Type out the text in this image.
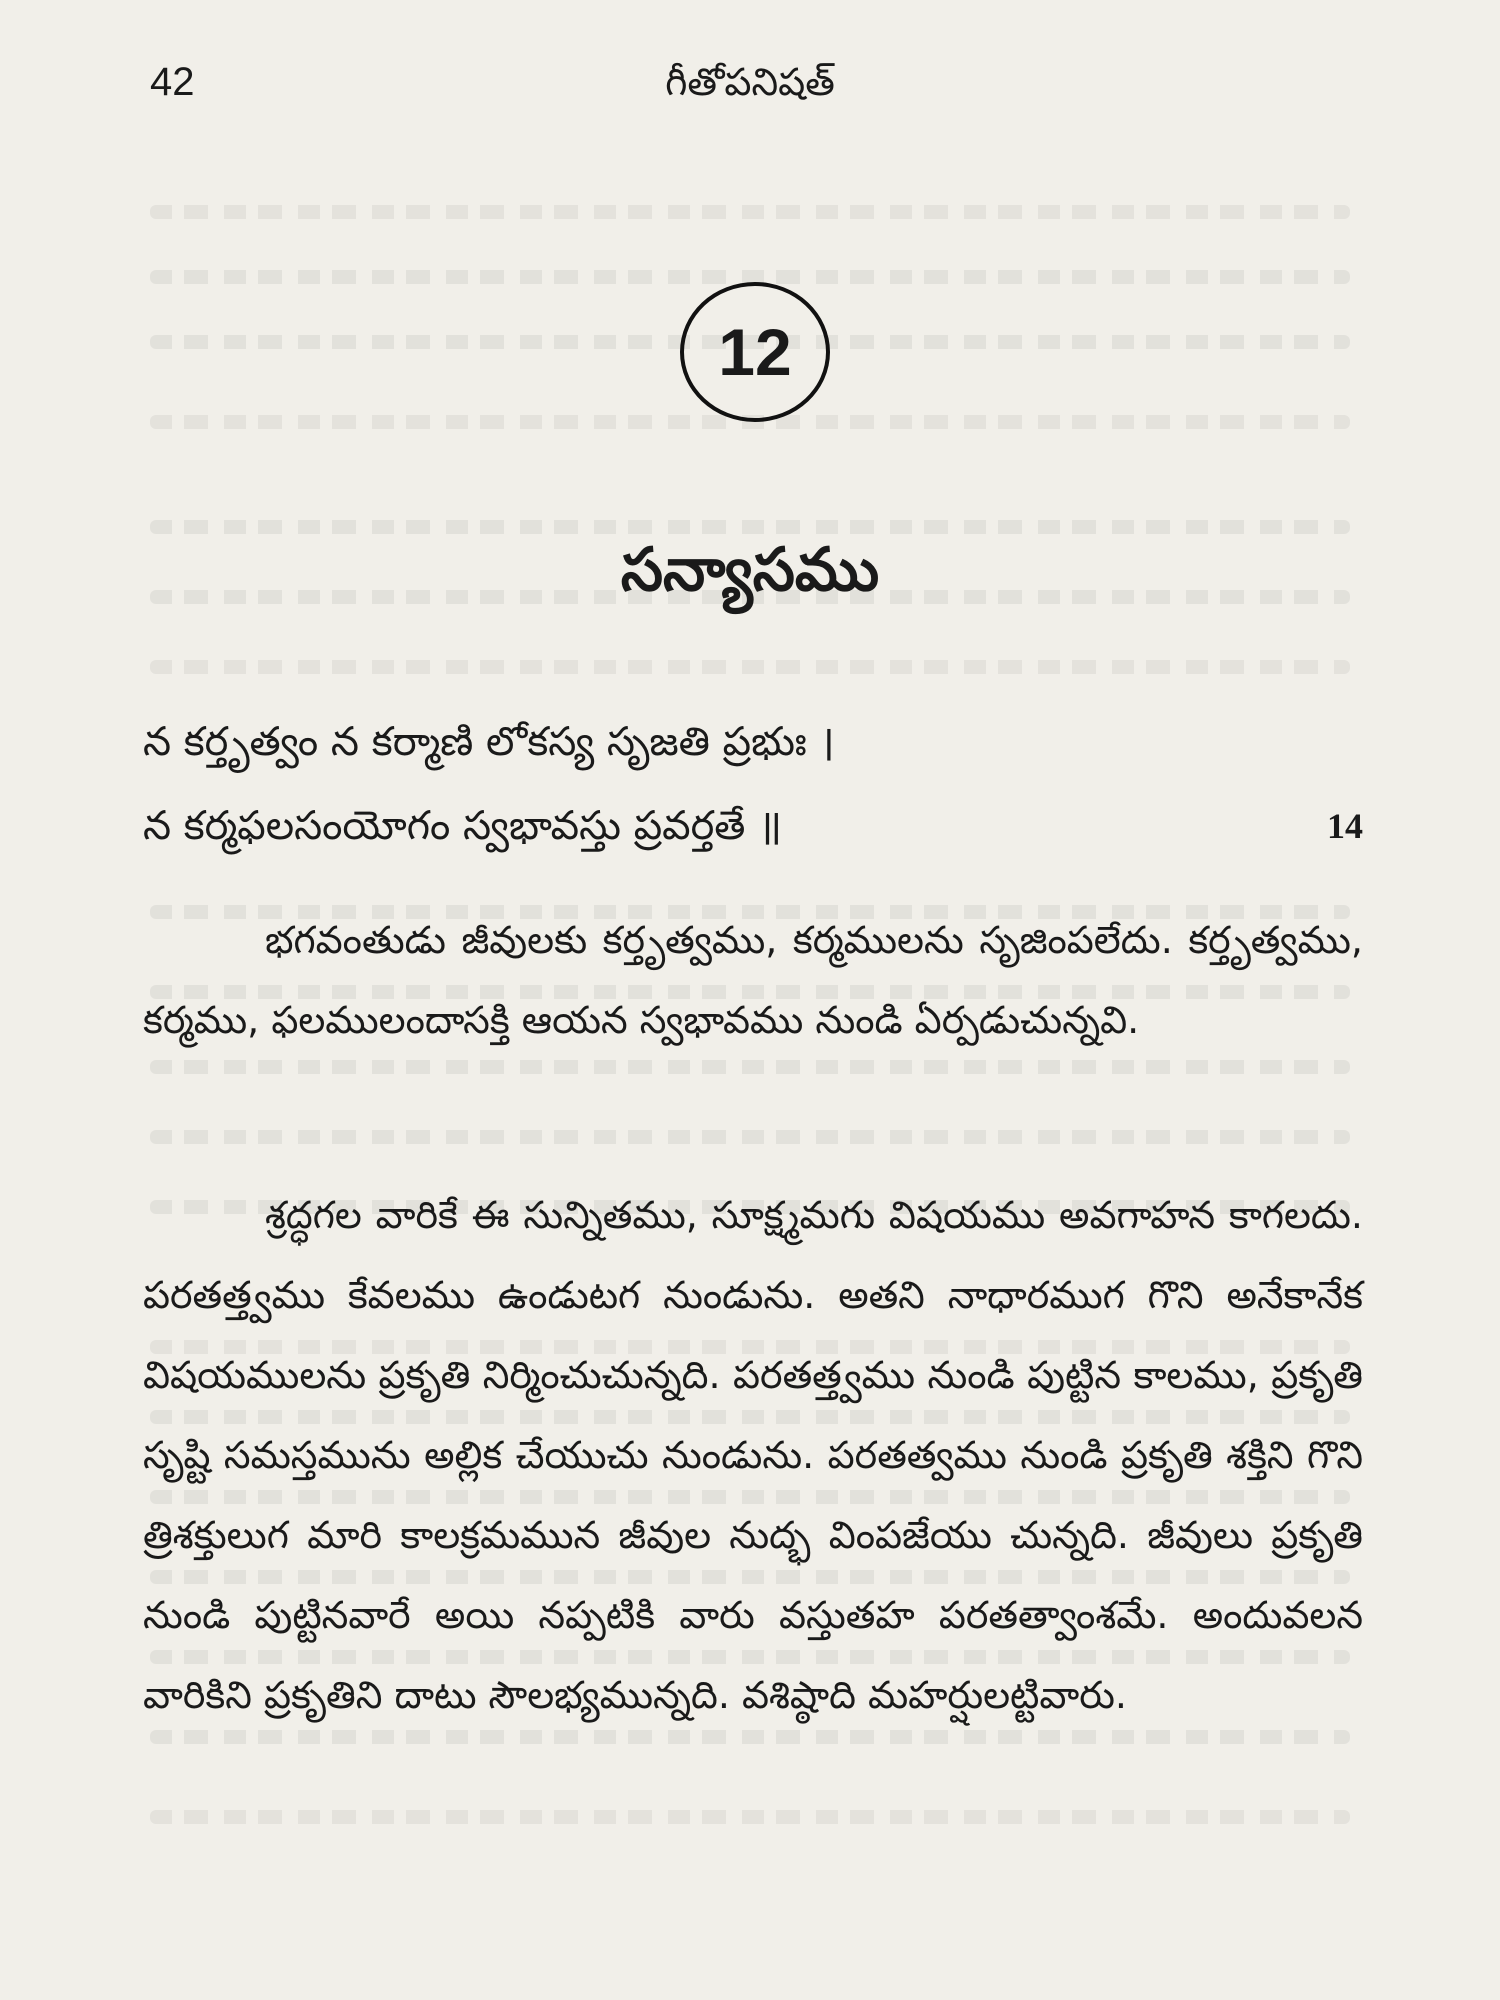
42	గీతోపనిషత్
12
సన్యాసము
న కర్తృత్వం న కర్మాణి లోకస్య సృజతి ప్రభుః ।
న కర్మఫలసంయోగం స్వభావస్తు ప్రవర్తతే ॥	14

భగవంతుడు జీవులకు కర్తృత్వము, కర్మములను సృజింపలేదు. కర్తృత్వము, కర్మము, ఫలములందాసక్తి ఆయన స్వభావము నుండి ఏర్పడుచున్నవి.

శ్రద్ధగల వారికే ఈ సున్నితము, సూక్ష్మమగు విషయము అవగాహన కాగలదు. పరతత్త్వము కేవలము ఉండుటగ నుండును. అతని నాధారముగ గొని అనేకానేక విషయములను ప్రకృతి నిర్మించుచున్నది. పరతత్త్వము నుండి పుట్టిన కాలము, ప్రకృతి సృష్టి సమస్తమును అల్లిక చేయుచు నుండును. పరతత్వము నుండి ప్రకృతి శక్తిని గొని త్రిశక్తులుగ మారి కాలక్రమమున జీవుల నుద్భ వింపజేయు చున్నది. జీవులు ప్రకృతి నుండి పుట్టినవారే అయి నప్పటికి వారు వస్తుతహ పరతత్వాంశమే. అందువలన వారికిని ప్రకృతిని దాటు సౌలభ్యమున్నది. వశిష్ఠాది మహర్షులట్టివారు.
